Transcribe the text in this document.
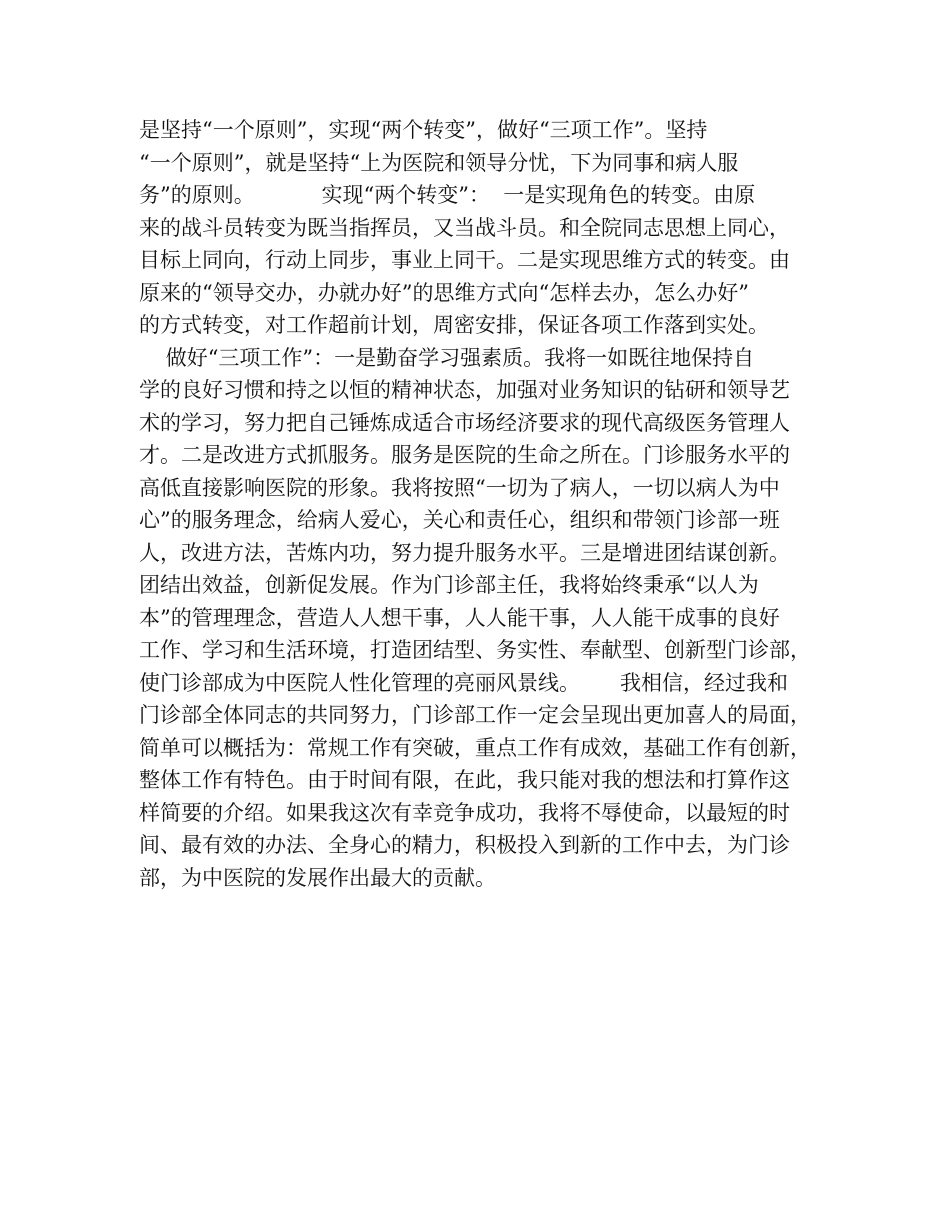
是坚持“一个原则”，实现“两个转变”，做好“三项工作”。坚持
“一个原则”，就是坚持“上为医院和领导分忧，下为同事和病人服
务”的原则。          实现“两个转变”：  一是实现角色的转变。由原
来的战斗员转变为既当指挥员，又当战斗员。和全院同志思想上同心，
目标上同向，行动上同步，事业上同干。二是实现思维方式的转变。由
原来的“领导交办，办就办好”的思维方式向“怎样去办，怎么办好”
的方式转变，对工作超前计划，周密安排，保证各项工作落到实处。
做好“三项工作”：一是勤奋学习强素质。我将一如既往地保持自
学的良好习惯和持之以恒的精神状态，加强对业务知识的钻研和领导艺
术的学习，努力把自己锤炼成适合市场经济要求的现代高级医务管理人
才。二是改进方式抓服务。服务是医院的生命之所在。门诊服务水平的
高低直接影响医院的形象。我将按照“一切为了病人，一切以病人为中
心”的服务理念，给病人爱心，关心和责任心，组织和带领门诊部一班
人，改进方法，苦炼内功，努力提升服务水平。三是增进团结谋创新。
团结出效益，创新促发展。作为门诊部主任，我将始终秉承“以人为
本”的管理理念，营造人人想干事，人人能干事，人人能干成事的良好
工作、学习和生活环境，打造团结型、务实性、奉献型、创新型门诊部，
使门诊部成为中医院人性化管理的亮丽风景线。      我相信，经过我和
门诊部全体同志的共同努力，门诊部工作一定会呈现出更加喜人的局面，
简单可以概括为：常规工作有突破，重点工作有成效，基础工作有创新，
整体工作有特色。由于时间有限，在此，我只能对我的想法和打算作这
样简要的介绍。如果我这次有幸竞争成功，我将不辱使命，以最短的时
间、最有效的办法、全身心的精力，积极投入到新的工作中去，为门诊
部，为中医院的发展作出最大的贡献。
